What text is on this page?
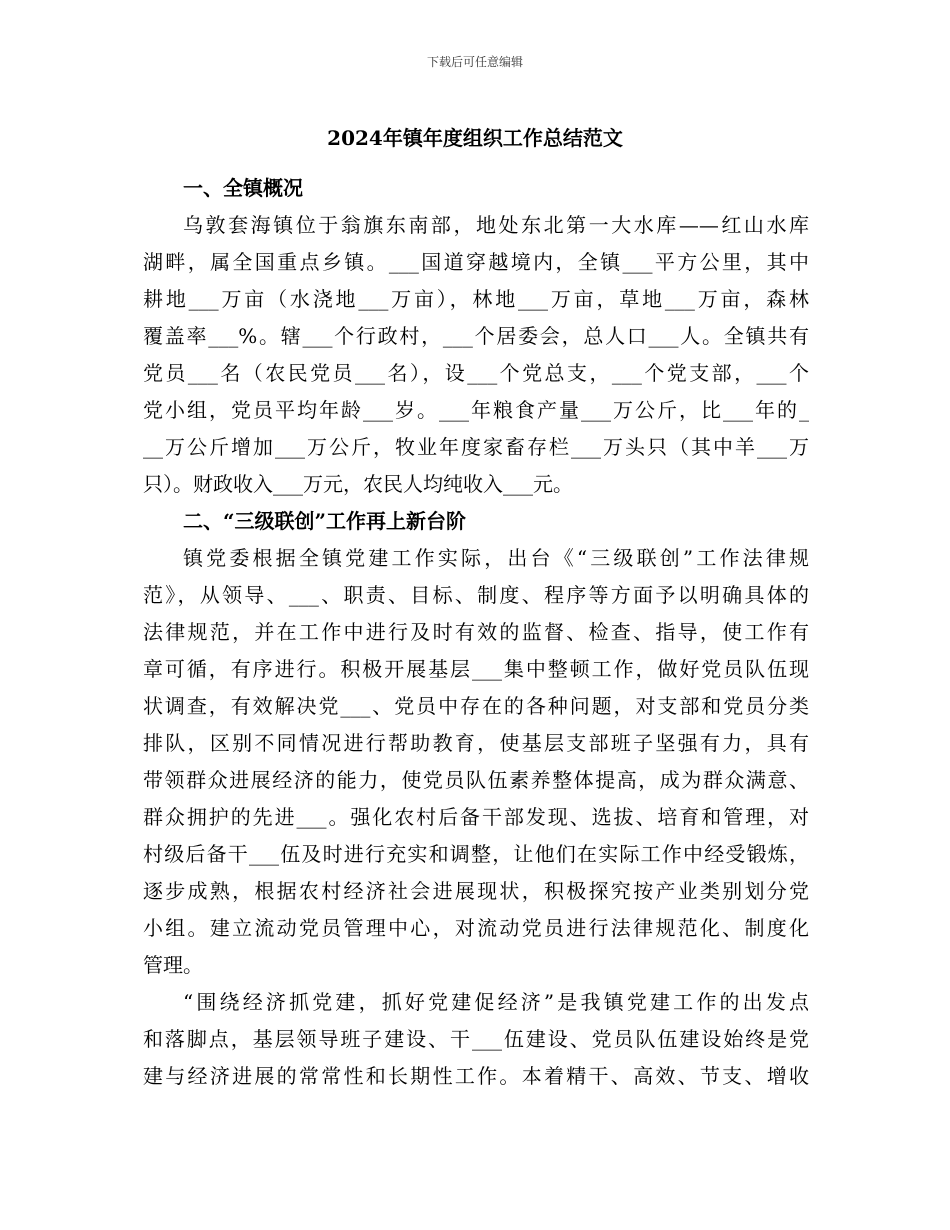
下载后可任意编辑
2024年镇年度组织工作总结范文
一、全镇概况
乌敦套海镇位于翁旗东南部，地处东北第一大水库——红山水库
湖畔，属全国重点乡镇。___国道穿越境内，全镇___平方公里，其中
耕地___万亩（水浇地___万亩），林地___万亩，草地___万亩，森林
覆盖率___%。辖___个行政村，___个居委会，总人口___人。全镇共有
党员___名（农民党员___名），设___个党总支，___个党支部，___个
党小组，党员平均年龄___岁。___年粮食产量___万公斤，比___年的_
__万公斤增加___万公斤，牧业年度家畜存栏___万头只（其中羊___万
只）。财政收入___万元，农民人均纯收入___元。
二、“三级联创”工作再上新台阶
镇党委根据全镇党建工作实际，出台《“三级联创”工作法律规
范》，从领导、___、职责、目标、制度、程序等方面予以明确具体的
法律规范，并在工作中进行及时有效的监督、检查、指导，使工作有
章可循，有序进行。积极开展基层___集中整顿工作，做好党员队伍现
状调查，有效解决党___、党员中存在的各种问题，对支部和党员分类
排队，区别不同情况进行帮助教育，使基层支部班子坚强有力，具有
带领群众进展经济的能力，使党员队伍素养整体提高，成为群众满意、
群众拥护的先进___。强化农村后备干部发现、选拔、培育和管理，对
村级后备干___伍及时进行充实和调整，让他们在实际工作中经受锻炼，
逐步成熟，根据农村经济社会进展现状，积极探究按产业类别划分党
小组。建立流动党员管理中心，对流动党员进行法律规范化、制度化
管理。
“围绕经济抓党建，抓好党建促经济”是我镇党建工作的出发点
和落脚点，基层领导班子建设、干___伍建设、党员队伍建设始终是党
建与经济进展的常常性和长期性工作。本着精干、高效、节支、增收
